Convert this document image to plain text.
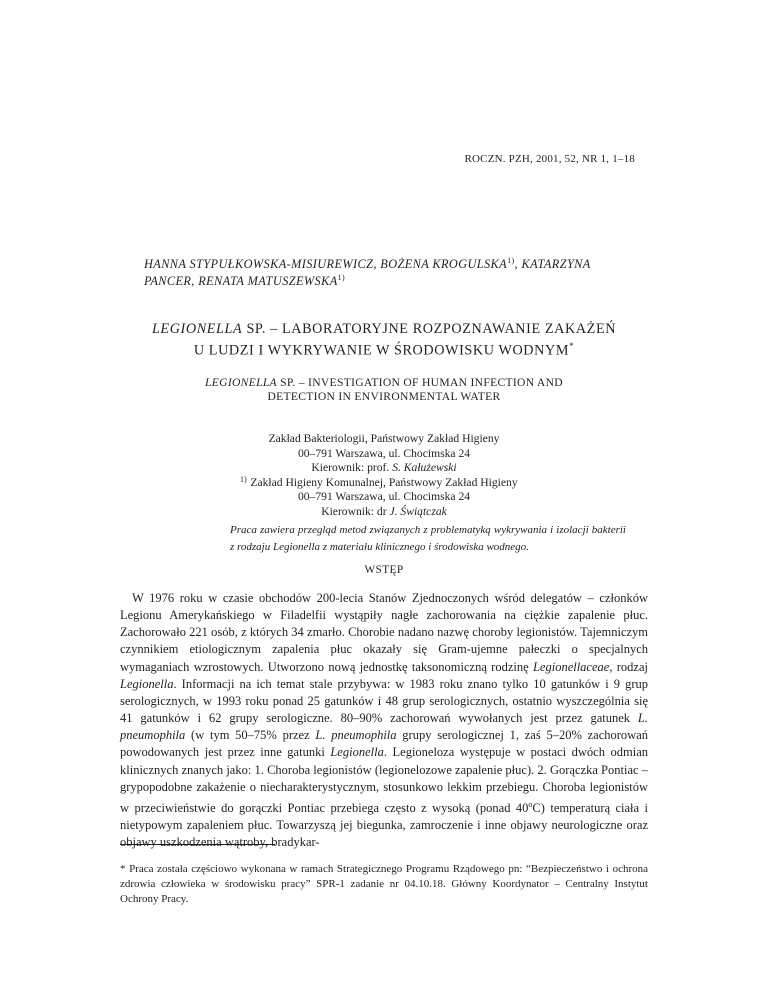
ROCZN. PZH, 2001, 52, NR 1, 1–18
HANNA STYPUŁKOWSKA-MISIUREWICZ, BOŻENA KROGULSKA$^{1)}$, KATARZYNA
PANCER, RENATA MATUSZEWSKA$^{1)}$
LEGIONELLA SP. – LABORATORYJNE ROZPOZNAWANIE ZAKAŻEŃ
U LUDZI I WYKRYWANIE W ŚRODOWISKU WODNYM*
LEGIONELLA SP. – INVESTIGATION OF HUMAN INFECTION AND
DETECTION IN ENVIRONMENTAL WATER
Zakład Bakteriologii, Państwowy Zakład Higieny
00–791 Warszawa, ul. Chocimska 24
Kierownik: prof. S. Kałużewski
1) Zakład Higieny Komunalnej, Państwowy Zakład Higieny
00–791 Warszawa, ul. Chocimska 24
Kierownik: dr J. Świątczak
Praca zawiera przegląd metod związanych z problematyką wykrywania i izolacji bakterii z rodzaju Legionella z materiału klinicznego i środowiska wodnego.
WSTĘP
W 1976 roku w czasie obchodów 200-lecia Stanów Zjednoczonych wśród delegatów – członków Legionu Amerykańskiego w Filadelfii wystąpiły nagłe zachorowania na ciężkie zapalenie płuc. Zachorowało 221 osób, z których 34 zmarło. Chorobie nadano nazwę choroby legionistów. Tajemniczym czynnikiem etiologicznym zapalenia płuc okazały się Gram-ujemne pałeczki o specjalnych wymaganiach wzrostowych. Utworzono nową jednostkę taksonomiczną rodzinę Legionellaceae, rodzaj Legionella. Informacji na ich temat stale przybywa: w 1983 roku znano tylko 10 gatunków i 9 grup serologicznych, w 1993 roku ponad 25 gatunków i 48 grup serologicznych, ostatnio wyszczególnia się 41 gatunków i 62 grupy serologiczne. 80–90% zachorowań wywołanych jest przez gatunek L. pneumophila (w tym 50–75% przez L. pneumophila grupy serologicznej 1, zaś 5–20% zachorowań powodowanych jest przez inne gatunki Legionella. Legioneloza występuje w postaci dwóch odmian klinicznych znanych jako: 1. Choroba legionistów (legionelozowe zapalenie płuc). 2. Gorączka Pontiac – grypopodobne zakażenie o niecharakterystycznym, stosunkowo lekkim przebiegu. Choroba legionistów w przeciwieństwie do gorączki Pontiac przebiega często z wysoką (ponad 40$^o$C) temperaturą ciała i nietypowym zapaleniem płuc. Towarzyszą jej biegunka, zamroczenie i inne objawy neurologiczne oraz objawy uszkodzenia wątroby, bradykar-
* Praca została częściowo wykonana w ramach Strategicznego Programu Rządowego pn: “Bezpieczeństwo i ochrona zdrowia człowieka w środowisku pracy” SPR-1 zadanie nr 04.10.18. Główny Koordynator – Centralny Instytut Ochrony Pracy.
